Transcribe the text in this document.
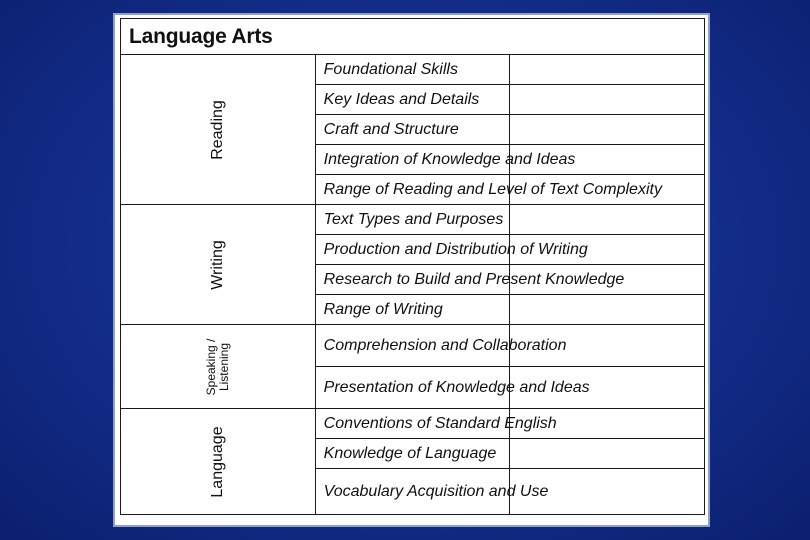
Language Arts		

Reading	Foundational Skills	
	Key Ideas and Details	
	Craft and Structure	
	Integration of Knowledge and Ideas	
	Range of Reading and Level of Text Complexity	

Writing	Text Types and Purposes	
	Production and Distribution of Writing	
	Research to Build and Present Knowledge	
	Range of Writing	

Speaking / Listening	Comprehension and Collaboration	
	Presentation of Knowledge and Ideas	

Language	Conventions of Standard English	
	Knowledge of Language	
	Vocabulary Acquisition and Use	
